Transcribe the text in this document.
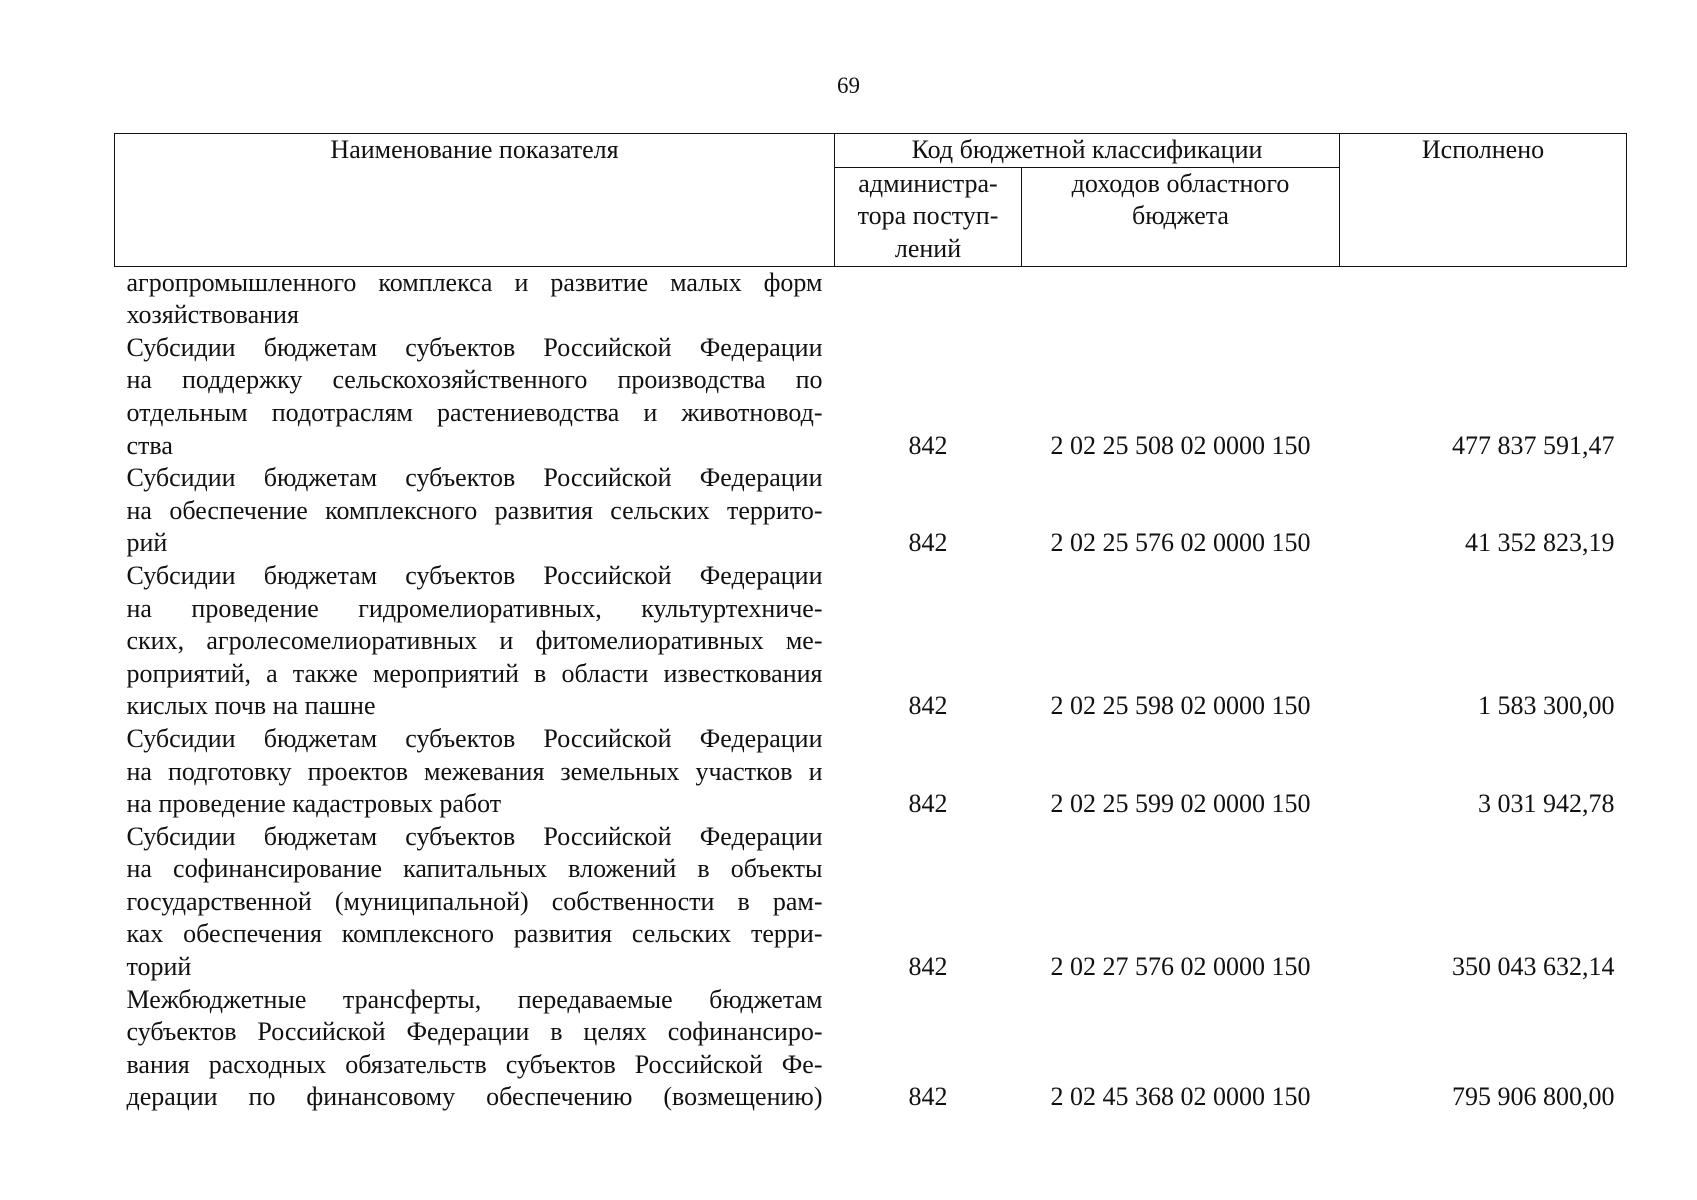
69
Наименование показателя	Код бюджетной классификации		Исполнено
	администра-
тора поступ-
лений	доходов областного
бюджета	

агропромышленного комплекса и развитие малых форм
хозяйствования			

Субсидии бюджетам субъектов Российской Федерации
на поддержку сельскохозяйственного производства по
отдельным подотраслям растениеводства и животновод-
ства	842	2 02 25 508 02 0000 150	477 837 591,47

Субсидии бюджетам субъектов Российской Федерации
на обеспечение комплексного развития сельских террито-
рий	842	2 02 25 576 02 0000 150	41 352 823,19

Субсидии бюджетам субъектов Российской Федерации
на проведение гидромелиоративных, культуртехниче-
ских, агролесомелиоративных и фитомелиоративных ме-
роприятий, а также мероприятий в области известкования
кислых почв на пашне	842	2 02 25 598 02 0000 150	1 583 300,00

Субсидии бюджетам субъектов Российской Федерации
на подготовку проектов межевания земельных участков и
на проведение кадастровых работ	842	2 02 25 599 02 0000 150	3 031 942,78

Субсидии бюджетам субъектов Российской Федерации
на софинансирование капитальных вложений в объекты
государственной (муниципальной) собственности в рам-
ках обеспечения комплексного развития сельских терри-
торий	842	2 02 27 576 02 0000 150	350 043 632,14

Межбюджетные трансферты, передаваемые бюджетам
субъектов Российской Федерации в целях софинансиро-
вания расходных обязательств субъектов Российской Фе-
дерации по финансовому обеспечению (возмещению)	842	2 02 45 368 02 0000 150	795 906 800,00
